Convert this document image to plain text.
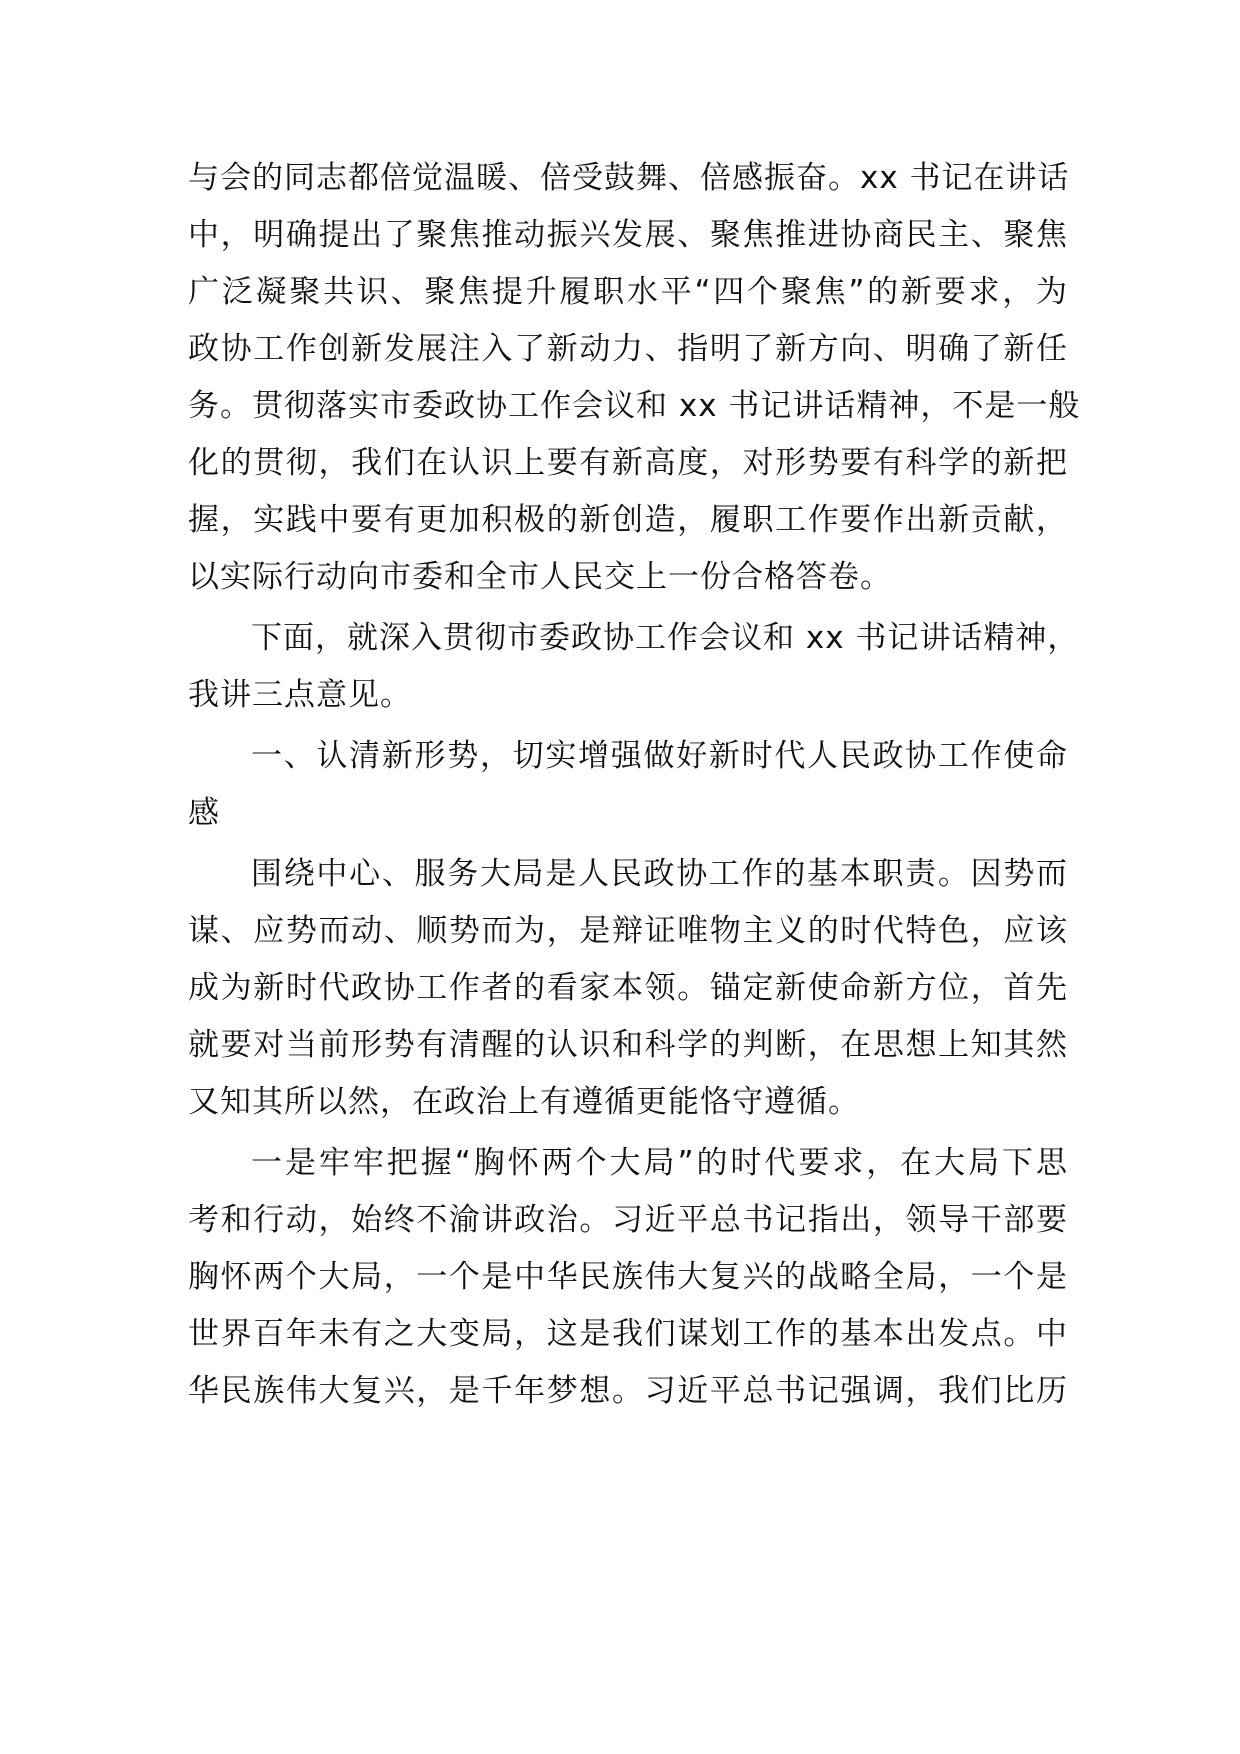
与会的同志都倍觉温暖、倍受鼓舞、倍感振奋。xx 书记在讲话
中，明确提出了聚焦推动振兴发展、聚焦推进协商民主、聚焦
广泛凝聚共识、聚焦提升履职水平“四个聚焦”的新要求，为
政协工作创新发展注入了新动力、指明了新方向、明确了新任
务。贯彻落实市委政协工作会议和 xx 书记讲话精神，不是一般
化的贯彻，我们在认识上要有新高度，对形势要有科学的新把
握，实践中要有更加积极的新创造，履职工作要作出新贡献，
以实际行动向市委和全市人民交上一份合格答卷。
下面，就深入贯彻市委政协工作会议和 xx 书记讲话精神，
我讲三点意见。
一、认清新形势，切实增强做好新时代人民政协工作使命
感
围绕中心、服务大局是人民政协工作的基本职责。因势而
谋、应势而动、顺势而为，是辩证唯物主义的时代特色，应该
成为新时代政协工作者的看家本领。锚定新使命新方位，首先
就要对当前形势有清醒的认识和科学的判断，在思想上知其然
又知其所以然，在政治上有遵循更能恪守遵循。
一是牢牢把握“胸怀两个大局”的时代要求，在大局下思
考和行动，始终不渝讲政治。习近平总书记指出，领导干部要
胸怀两个大局，一个是中华民族伟大复兴的战略全局，一个是
世界百年未有之大变局，这是我们谋划工作的基本出发点。中
华民族伟大复兴，是千年梦想。习近平总书记强调，我们比历
